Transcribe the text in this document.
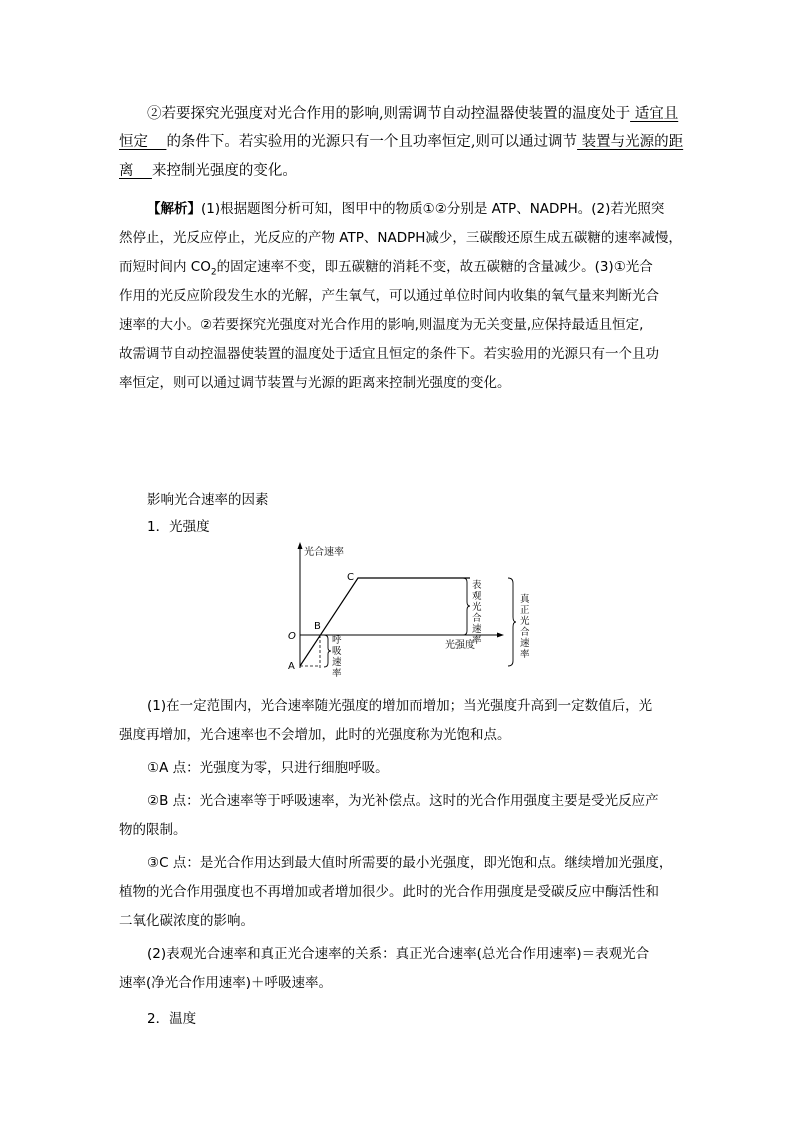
②若要探究光强度对光合作用的影响,则需调节自动控温器使装置的温度处于 适宜且
恒定 的条件下。若实验用的光源只有一个且功率恒定,则可以通过调节 装置与光源的距
离 来控制光强度的变化。
【解析】(1)根据题图分析可知，图甲中的物质①②分别是 ATP、NADPH。(2)若光照突
然停止，光反应停止，光反应的产物 ATP、NADPH减少，三碳酸还原生成五碳糖的速率减慢，
而短时间内 $CO_2$的固定速率不变，即五碳糖的消耗不变，故五碳糖的含量减少。(3)①光合
作用的光反应阶段发生水的光解，产生氧气，可以通过单位时间内收集的氧气量来判断光合
速率的大小。②若要探究光强度对光合作用的影响,则温度为无关变量,应保持最适且恒定,
故需调节自动控温器使装置的温度处于适宜且恒定的条件下。若实验用的光源只有一个且功
率恒定，则可以通过调节装置与光源的距离来控制光强度的变化。
影响光合速率的因素
1．光强度
光合速率
光强度
O
A
B
C
呼
吸
速
率
表
观
光
合
速
率
真
正
光
合
速
率
(1)在一定范围内，光合速率随光强度的增加而增加；当光强度升高到一定数值后，光
强度再增加，光合速率也不会增加，此时的光强度称为光饱和点。
①A 点：光强度为零，只进行细胞呼吸。
②B 点：光合速率等于呼吸速率，为光补偿点。这时的光合作用强度主要是受光反应产
物的限制。
③C 点：是光合作用达到最大值时所需要的最小光强度，即光饱和点。继续增加光强度，
植物的光合作用强度也不再增加或者增加很少。此时的光合作用强度是受碳反应中酶活性和
二氧化碳浓度的影响。
(2)表观光合速率和真正光合速率的关系：真正光合速率(总光合作用速率)＝表观光合
速率(净光合作用速率)＋呼吸速率。
2．温度
